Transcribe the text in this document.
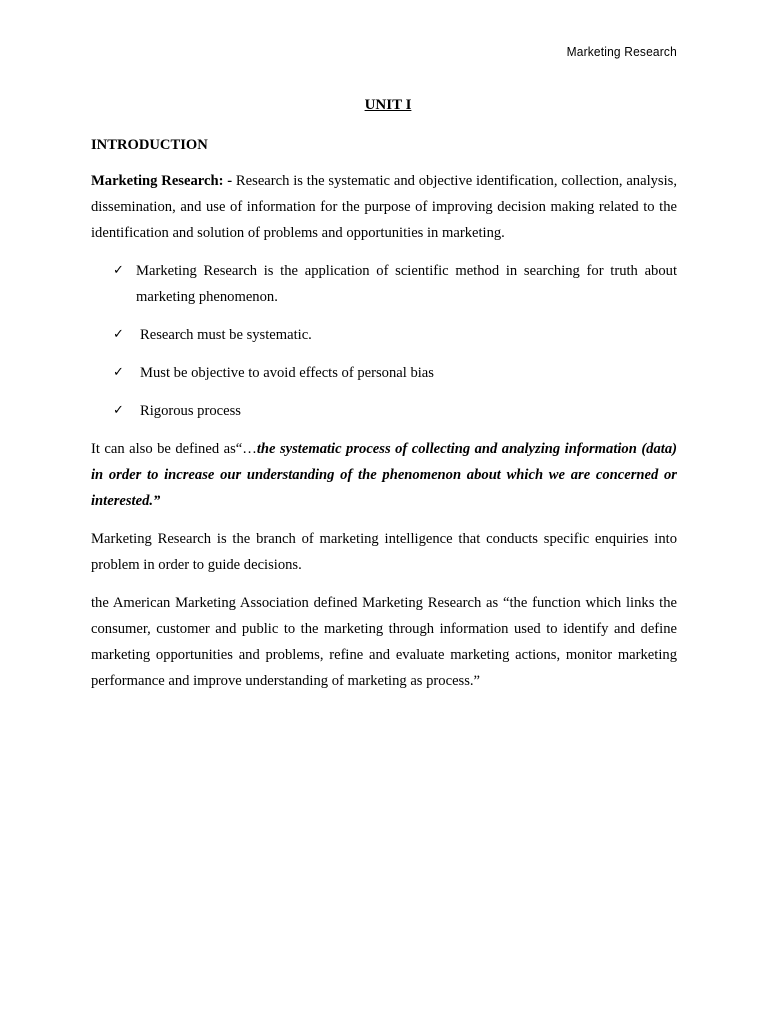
Marketing Research
UNIT I
INTRODUCTION

Marketing Research: - Research is the systematic and objective identification, collection, analysis, dissemination, and use of information for the purpose of improving decision making related to the identification and solution of problems and opportunities in marketing.

✓ Marketing Research is the application of scientific method in searching for truth about marketing phenomenon.
✓ Research must be systematic.
✓ Must be objective to avoid effects of personal bias
✓ Rigorous process

It can also be defined as“…the systematic process of collecting and analyzing information (data) in order to increase our understanding of the phenomenon about which we are concerned or interested.”

Marketing Research is the branch of marketing intelligence that conducts specific enquiries into problem in order to guide decisions.

the American Marketing Association defined Marketing Research as “the function which links the consumer, customer and public to the marketing through information used to identify and define marketing opportunities and problems, refine and evaluate marketing actions, monitor marketing performance and improve understanding of marketing as process.”
